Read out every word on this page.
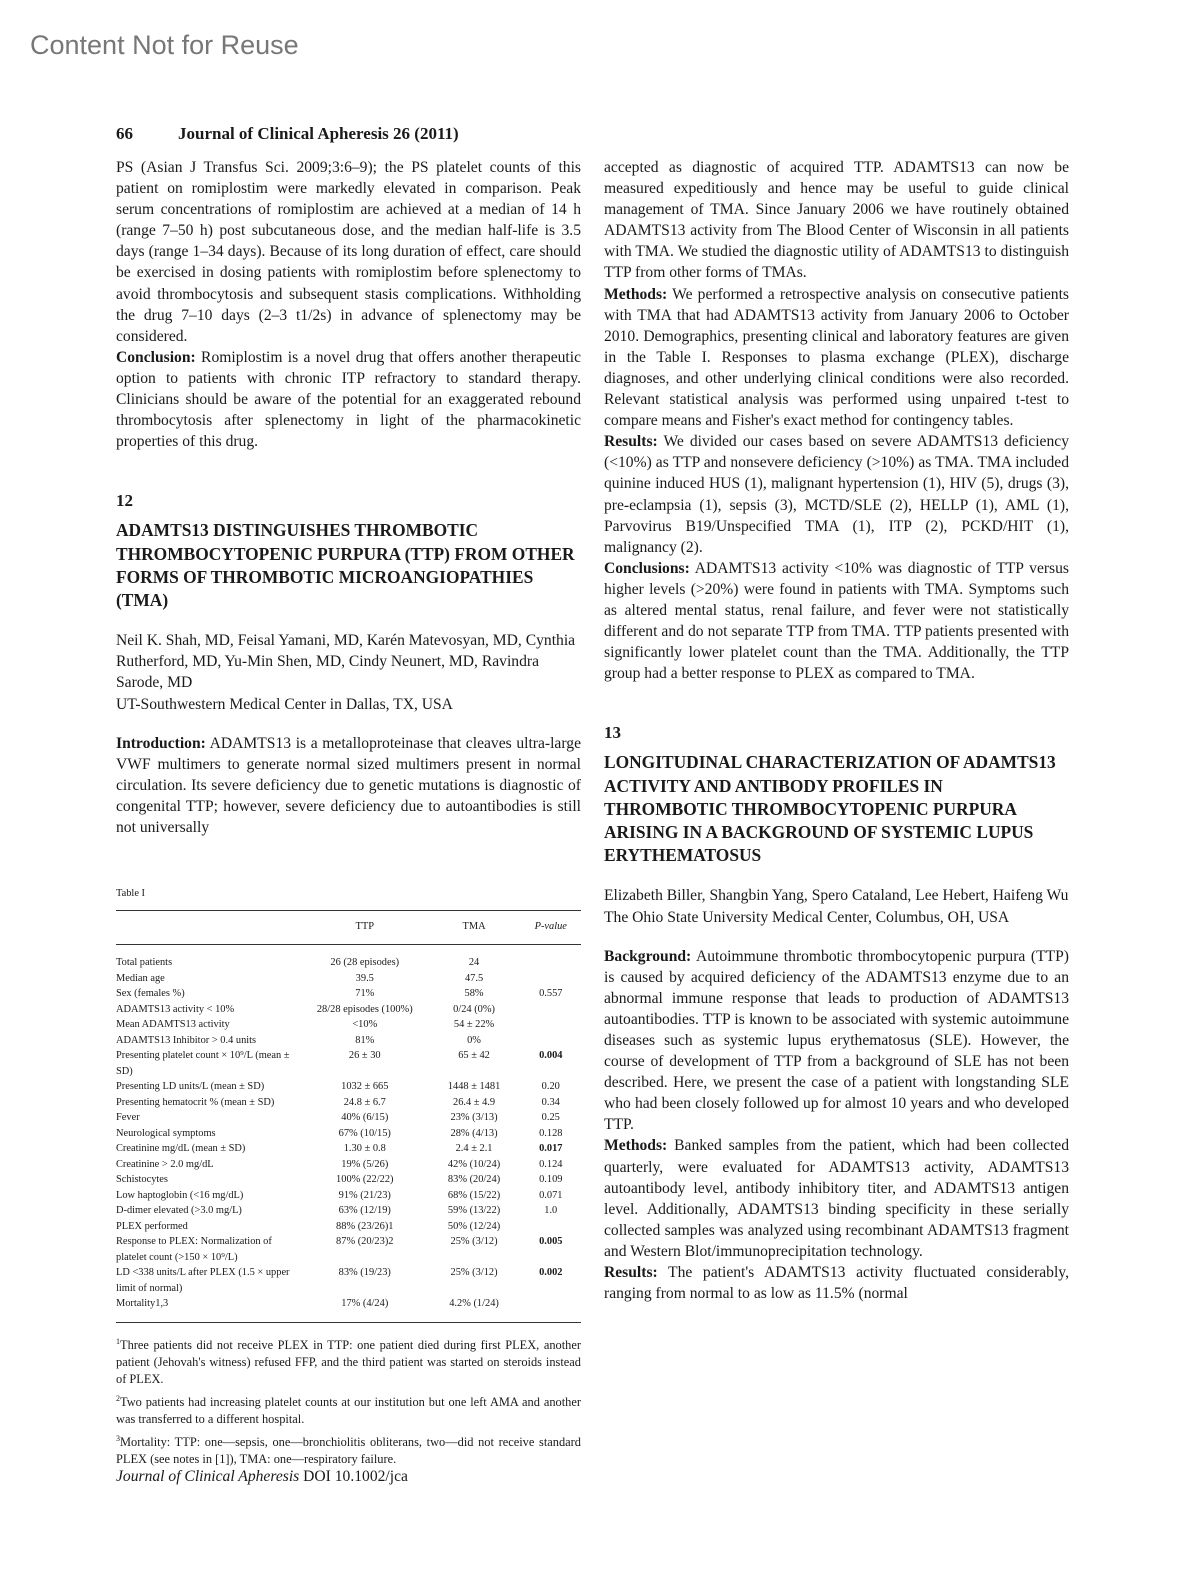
Content Not for Reuse
66	Journal of Clinical Apheresis 26 (2011)

PS (Asian J Transfus Sci. 2009;3:6–9); the PS platelet counts of this patient on romiplostim were markedly elevated in comparison. Peak serum concentrations of romiplostim are achieved at a median of 14 h (range 7–50 h) post subcutaneous dose, and the median half-life is 3.5 days (range 1–34 days). Because of its long duration of effect, care should be exercised in dosing patients with romiplostim before splenectomy to avoid thrombocytosis and subsequent stasis complications. Withholding the drug 7–10 days (2–3 t1/2s) in advance of splenectomy may be considered.

Conclusion: Romiplostim is a novel drug that offers another therapeutic option to patients with chronic ITP refractory to standard therapy. Clinicians should be aware of the potential for an exaggerated rebound thrombocytosis after splenectomy in light of the pharmacokinetic properties of this drug.

12

ADAMTS13 DISTINGUISHES THROMBOTIC THROMBOCYTOPENIC PURPURA (TTP) FROM OTHER FORMS OF THROMBOTIC MICROANGIOPATHIES (TMA)

Neil K. Shah, MD, Feisal Yamani, MD, Karén Matevosyan, MD, Cynthia Rutherford, MD, Yu-Min Shen, MD, Cindy Neunert, MD, Ravindra Sarode, MD

UT-Southwestern Medical Center in Dallas, TX, USA

Introduction: ADAMTS13 is a metalloproteinase that cleaves ultra-large VWF multimers to generate normal sized multimers present in normal circulation. Its severe deficiency due to genetic mutations is diagnostic of congenital TTP; however, severe deficiency due to autoantibodies is still not universally

Table I
	TTP	TMA	P-value
Total patients	26 (28 episodes)	24	
Median age	39.5	47.5	
Sex (females %)	71%	58%	0.557
ADAMTS13 activity < 10%	28/28 episodes (100%)	0/24 (0%)	
Mean ADAMTS13 activity	<10%	54 ± 22%	
ADAMTS13 Inhibitor > 0.4 units	81%	0%	
Presenting platelet count × 10⁹/L (mean ± SD)	26 ± 30	65 ± 42	0.004
Presenting LD units/L (mean ± SD)	1032 ± 665	1448 ± 1481	0.20
Presenting hematocrit % (mean ± SD)	24.8 ± 6.7	26.4 ± 4.9	0.34
Fever	40% (6/15)	23% (3/13)	0.25
Neurological symptoms	67% (10/15)	28% (4/13)	0.128
Creatinine mg/dL (mean ± SD)	1.30 ± 0.8	2.4 ± 2.1	0.017
Creatinine > 2.0 mg/dL	19% (5/26)	42% (10/24)	0.124
Schistocytes	100% (22/22)	83% (20/24)	0.109
Low haptoglobin (<16 mg/dL)	91% (21/23)	68% (15/22)	0.071
D-dimer elevated (>3.0 mg/L)	63% (12/19)	59% (13/22)	1.0
PLEX performed	88% (23/26)1	50% (12/24)	
Response to PLEX: Normalization of platelet count (>150 × 10⁹/L)	87% (20/23)2	25% (3/12)	0.005
LD <338 units/L after PLEX (1.5 × upper limit of normal)	83% (19/23)	25% (3/12)	0.002
Mortality1,3	17% (4/24)	4.2% (1/24)	

$^1$Three patients did not receive PLEX in TTP: one patient died during first PLEX, another patient (Jehovah's witness) refused FFP, and the third patient was started on steroids instead of PLEX.

$^2$Two patients had increasing platelet counts at our institution but one left AMA and another was transferred to a different hospital.

$^3$Mortality: TTP: one—sepsis, one—bronchiolitis obliterans, two—did not receive standard PLEX (see notes in [1]), TMA: one—respiratory failure.

accepted as diagnostic of acquired TTP. ADAMTS13 can now be measured expeditiously and hence may be useful to guide clinical management of TMA. Since January 2006 we have routinely obtained ADAMTS13 activity from The Blood Center of Wisconsin in all patients with TMA. We studied the diagnostic utility of ADAMTS13 to distinguish TTP from other forms of TMAs.

Methods: We performed a retrospective analysis on consecutive patients with TMA that had ADAMTS13 activity from January 2006 to October 2010. Demographics, presenting clinical and laboratory features are given in the Table I. Responses to plasma exchange (PLEX), discharge diagnoses, and other underlying clinical conditions were also recorded. Relevant statistical analysis was performed using unpaired t-test to compare means and Fisher's exact method for contingency tables.

Results: We divided our cases based on severe ADAMTS13 deficiency (<10%) as TTP and nonsevere deficiency (>10%) as TMA. TMA included quinine induced HUS (1), malignant hypertension (1), HIV (5), drugs (3), pre-eclampsia (1), sepsis (3), MCTD/SLE (2), HELLP (1), AML (1), Parvovirus B19/Unspecified TMA (1), ITP (2), PCKD/HIT (1), malignancy (2).

Conclusions: ADAMTS13 activity <10% was diagnostic of TTP versus higher levels (>20%) were found in patients with TMA. Symptoms such as altered mental status, renal failure, and fever were not statistically different and do not separate TTP from TMA. TTP patients presented with significantly lower platelet count than the TMA. Additionally, the TTP group had a better response to PLEX as compared to TMA.

13

LONGITUDINAL CHARACTERIZATION OF ADAMTS13 ACTIVITY AND ANTIBODY PROFILES IN THROMBOTIC THROMBOCYTOPENIC PURPURA ARISING IN A BACKGROUND OF SYSTEMIC LUPUS ERYTHEMATOSUS

Elizabeth Biller, Shangbin Yang, Spero Cataland, Lee Hebert, Haifeng Wu

The Ohio State University Medical Center, Columbus, OH, USA

Background: Autoimmune thrombotic thrombocytopenic purpura (TTP) is caused by acquired deficiency of the ADAMTS13 enzyme due to an abnormal immune response that leads to production of ADAMTS13 autoantibodies. TTP is known to be associated with systemic autoimmune diseases such as systemic lupus erythematosus (SLE). However, the course of development of TTP from a background of SLE has not been described. Here, we present the case of a patient with longstanding SLE who had been closely followed up for almost 10 years and who developed TTP.

Methods: Banked samples from the patient, which had been collected quarterly, were evaluated for ADAMTS13 activity, ADAMTS13 autoantibody level, antibody inhibitory titer, and ADAMTS13 antigen level. Additionally, ADAMTS13 binding specificity in these serially collected samples was analyzed using recombinant ADAMTS13 fragment and Western Blot/immunoprecipitation technology.

Results: The patient's ADAMTS13 activity fluctuated considerably, ranging from normal to as low as 11.5% (normal

Journal of Clinical Apheresis DOI 10.1002/jca
